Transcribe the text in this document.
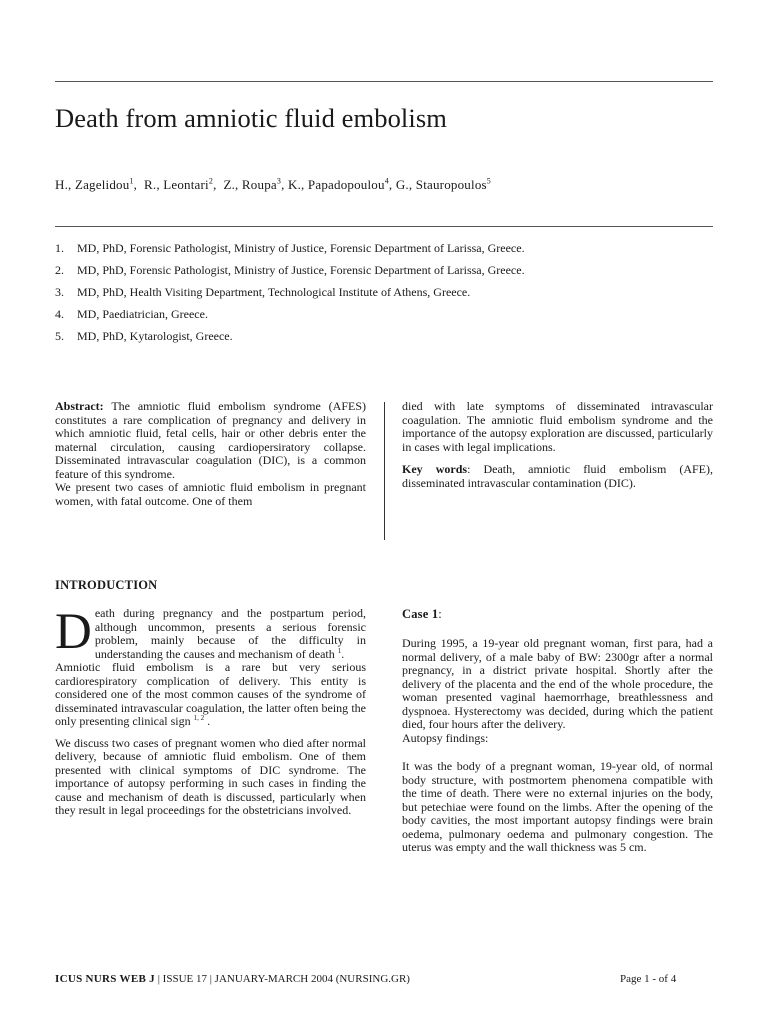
Death from amniotic fluid embolism
H., Zagelidou$^1$,  R., Leontari$^2$,  Z., Roupa$^3$, K., Papadopoulou$^4$, G., Stauropoulos$^5$
1. MD, PhD, Forensic Pathologist, Ministry of Justice, Forensic Department of Larissa, Greece.
2. MD, PhD, Forensic Pathologist, Ministry of Justice, Forensic Department of Larissa, Greece.
3. MD, PhD, Health Visiting Department, Technological Institute of Athens, Greece.
4. MD, Paediatrician, Greece.
5. MD, PhD, Kytarologist, Greece.

Abstract: The amniotic fluid embolism syndrome (AFES) constitutes a rare complication of pregnancy and delivery in which amniotic fluid, fetal cells, hair or other debris enter the maternal circulation, causing cardiopersiratory collapse. Disseminated intravascular coagulation (DIC), is a common feature of this syndrome.

We present two cases of amniotic fluid embolism in pregnant women, with fatal outcome. One of them

died with late symptoms of disseminated intravascular coagulation. The amniotic fluid embolism syndrome and the importance of the autopsy exploration are discussed, particularly in cases with legal implications.

Key words: Death, amniotic fluid embolism (AFE), disseminated intravascular contamination (DIC).

INTRODUCTION

Death during pregnancy and the postpartum period, although uncommon, presents a serious forensic problem, mainly because of the difficulty in understanding the causes and mechanism of death $^1$.

Amniotic fluid embolism is a rare but very serious cardiorespiratory complication of delivery. This entity is considered one of the most common causes of the syndrome of disseminated intravascular coagulation, the latter often being the only presenting clinical sign $^{1, 2}$ .

We discuss two cases of pregnant women who died after normal delivery, because of amniotic fluid embolism. One of them presented with clinical symptoms of DIC syndrome. The importance of autopsy performing in such cases in finding the cause and mechanism of death is discussed, particularly when they result in legal proceedings for the obstetricians involved.

Case 1:

During 1995, a 19-year old pregnant woman, first para, had a normal delivery, of a male baby of BW: 2300gr after a normal pregnancy, in a district private hospital. Shortly after the delivery of the placenta and the end of the whole procedure, the woman presented vaginal haemorrhage, breathlessness and dyspnoea. Hysterectomy was decided, during which the patient died, four hours after the delivery.

Autopsy findings:

It was the body of a pregnant woman, 19-year old, of normal body structure, with postmortem phenomena compatible with the time of death. There were no external injuries on the body, but petechiae were found on the limbs. After the opening of the body cavities, the most important autopsy findings were brain oedema, pulmonary oedema and pulmonary congestion. The uterus was empty and the wall thickness was 5 cm.

ICUS NURS WEB J | ISSUE 17 | JANUARY-MARCH 2004 (NURSING.GR)	Page 1 - of 4
